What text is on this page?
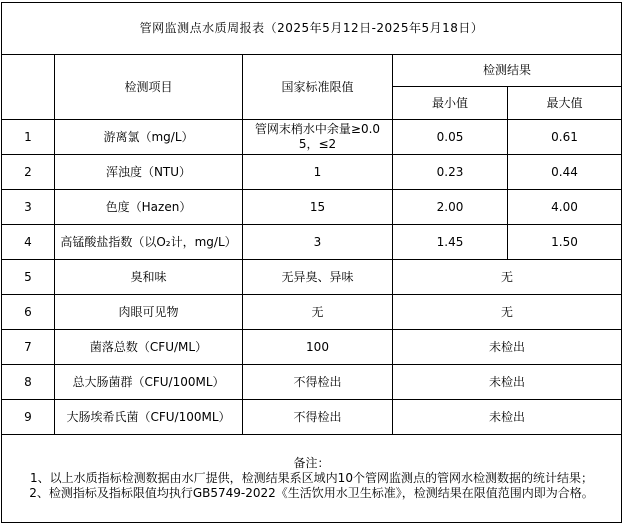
管网监测点水质周报表（2025年5月12日-2025年5月18日）				
	检测项目	国家标准限值	检测结果	
			最小值	最大值
1	游离氯（mg/L）	管网末梢水中余量≥0.05，≤2	0.05	0.61
2	浑浊度（NTU）	1	0.23	0.44
3	色度（Hazen）	15	2.00	4.00
4	高锰酸盐指数（以O₂计，mg/L）	3	1.45	1.50
5	臭和味	无异臭、异味	无	
6	肉眼可见物	无	无	
7	菌落总数（CFU/ML）	100	未检出	
8	总大肠菌群（CFU/100ML）	不得检出	未检出	
9	大肠埃希氏菌（CFU/100ML）	不得检出	未检出	

备注：
1、以上水质指标检测数据由水厂提供，检测结果系区域内10个管网监测点的管网水检测数据的统计结果；
2、检测指标及指标限值均执行GB5749-2022《生活饮用水卫生标准》，检测结果在限值范围内即为合格。				
